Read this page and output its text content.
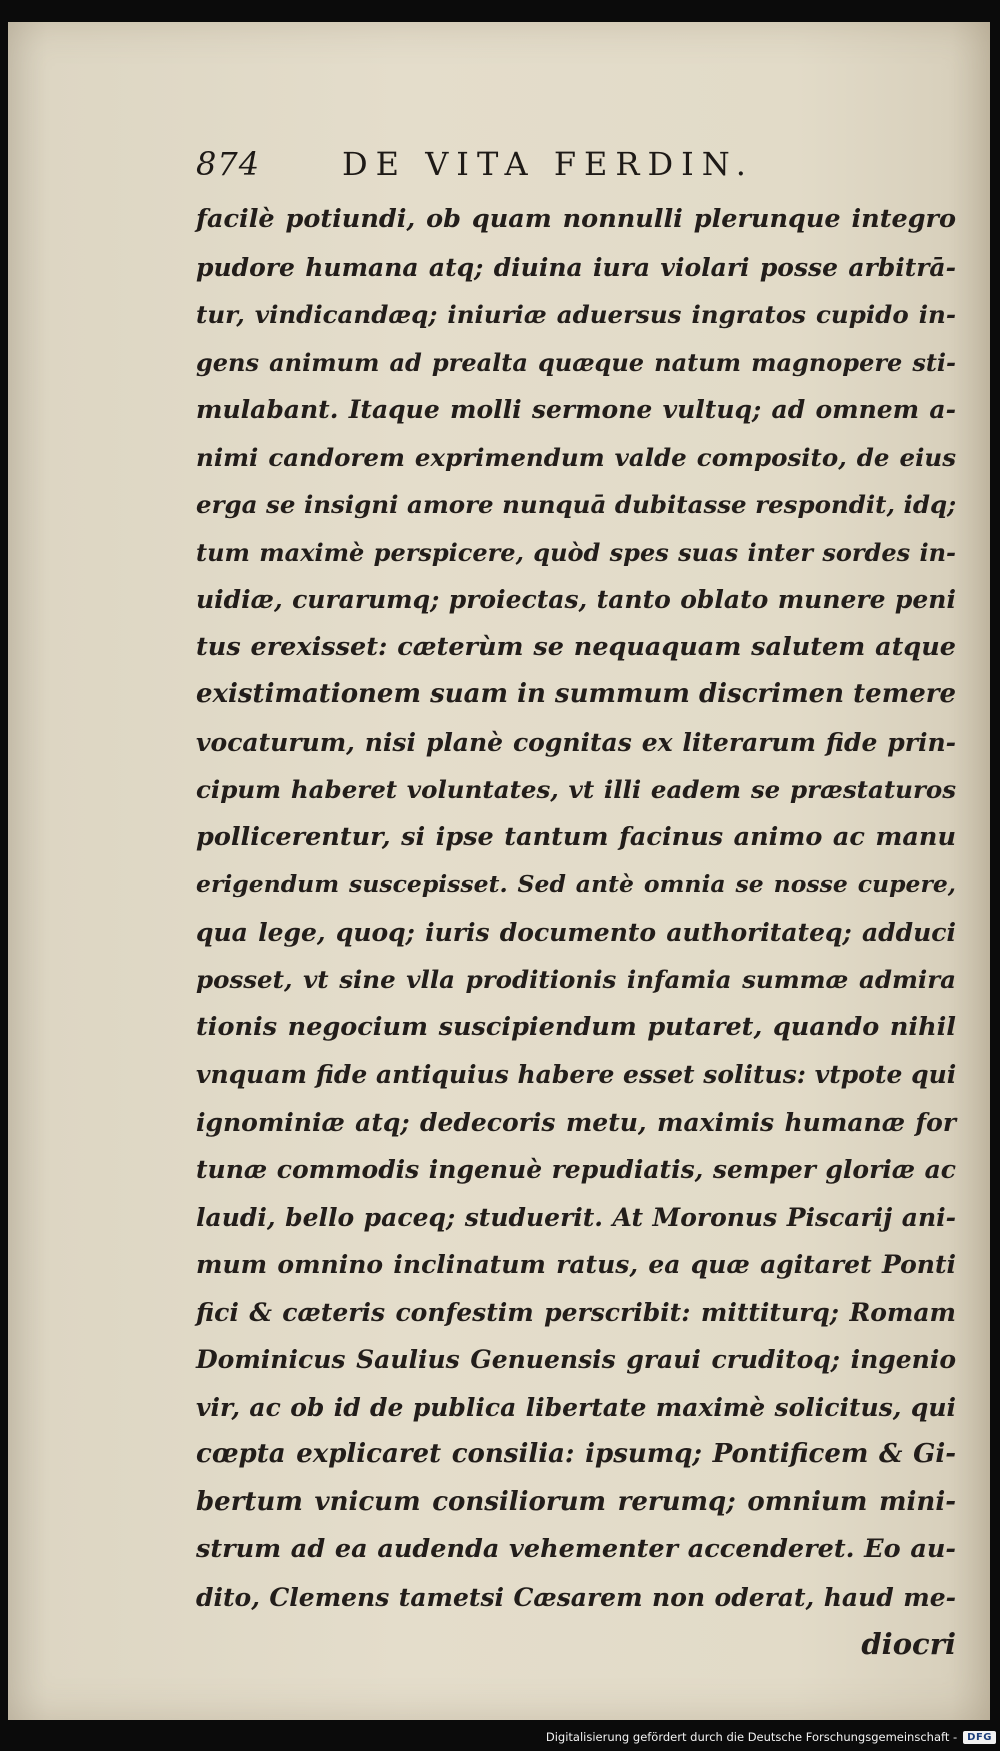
874	DE VITA FERDIN.
facilè potiundi, ob quam nonnulli plerunque integro
pudore humana atq; diuina iura violari posse arbitrā-
tur, vindicandæq; iniuriæ aduersus ingratos cupido in-
gens animum ad prealta quæque natum magnopere sti-
mulabant. Itaque molli sermone vultuq; ad omnem a-
nimi candorem exprimendum valde composito, de eius
erga se insigni amore nunquā dubitasse respondit, idq;
tum maximè perspicere, quòd spes suas inter sordes in-
uidiæ, curarumq; proiectas, tanto oblato munere peni
tus erexisset: cæterùm se nequaquam salutem atque
existimationem suam in summum discrimen temere
vocaturum, nisi planè cognitas ex literarum fide prin-
cipum haberet voluntates, vt illi eadem se præstaturos
pollicerentur, si ipse tantum facinus animo ac manu
erigendum suscepisset. Sed antè omnia se nosse cupere,
qua lege, quoq; iuris documento authoritateq; adduci
posset, vt sine vlla proditionis infamia summæ admira
tionis negocium suscipiendum putaret, quando nihil
vnquam fide antiquius habere esset solitus: vtpote qui
ignominiæ atq; dedecoris metu, maximis humanæ for
tunæ commodis ingenuè repudiatis, semper gloriæ ac
laudi, bello paceq; studuerit. At Moronus Piscarij ani-
mum omnino inclinatum ratus, ea quæ agitaret Ponti
fici & cæteris confestim perscribit: mittiturq; Romam
Dominicus Saulius Genuensis graui cruditoq; ingenio
vir, ac ob id de publica libertate maximè solicitus, qui
cœpta explicaret consilia: ipsumq; Pontificem & Gi-
bertum vnicum consiliorum rerumq; omnium mini-
strum ad ea audenda vehementer accenderet. Eo au-
dito, Clemens tametsi Cæsarem non oderat, haud me-
diocri
Digitalisierung gefördert durch die Deutsche Forschungsgemeinschaft -	DFG
